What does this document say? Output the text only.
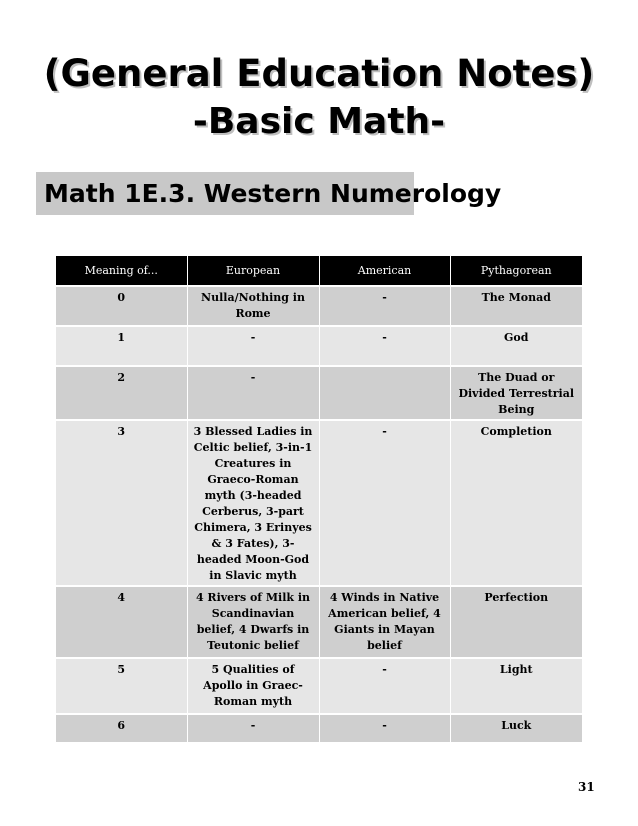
(General Education Notes)
-Basic Math-
Math 1E.3. Western Numerology
Meaning of...	European	American	Pythagorean
0	Nulla/Nothing in Rome	-	The Monad
1	-	-	God
2	-		The Duad or Divided Terrestrial Being
3	3 Blessed Ladies in Celtic belief, 3-in-1 Creatures in Graeco-Roman myth (3-headed Cerberus, 3-part Chimera, 3 Erinyes & 3 Fates), 3-headed Moon-God in Slavic myth	-	Completion
4	4 Rivers of Milk in Scandinavian belief, 4 Dwarfs in Teutonic belief	4 Winds in Native American belief, 4 Giants in Mayan belief	Perfection
5	5 Qualities of Apollo in Graec-Roman myth	-	Light
6	-	-	Luck
31
